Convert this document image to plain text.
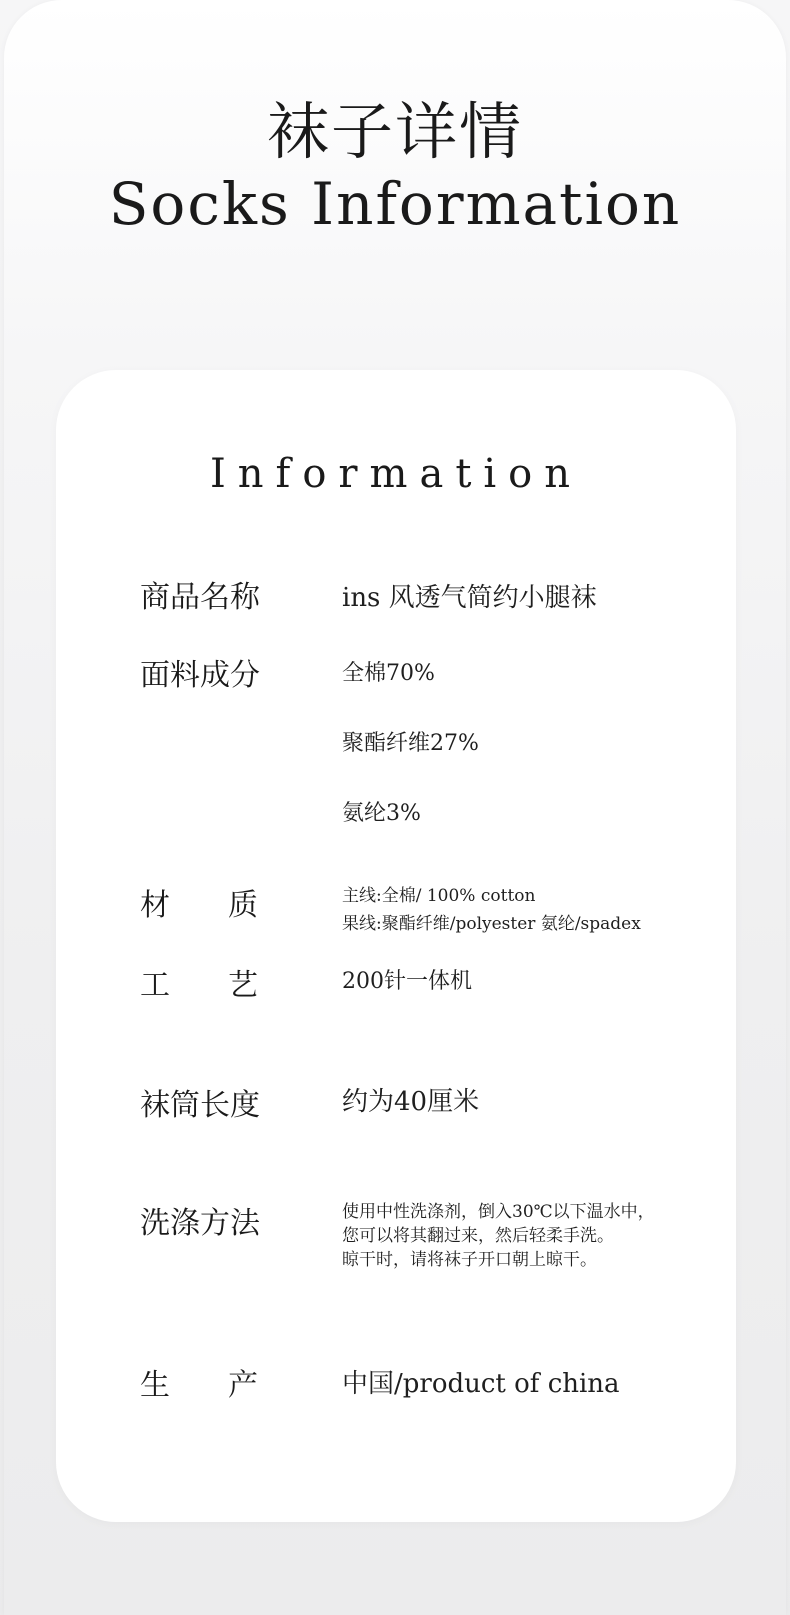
袜子详情
Socks Information
Information
商品名称	ins 风透气简约小腿袜
面料成分	全棉70%
聚酯纤维27%
氨纶3%
材　质	主线:全棉/ 100% cotton
果线:聚酯纤维/polyester 氨纶/spadex
工　艺	200针一体机
袜筒长度	约为40厘米
洗涤方法	使用中性洗涤剂，倒入30℃以下温水中，
您可以将其翻过来，然后轻柔手洗。
晾干时，请将袜子开口朝上晾干。
生　产	中国/product of china
